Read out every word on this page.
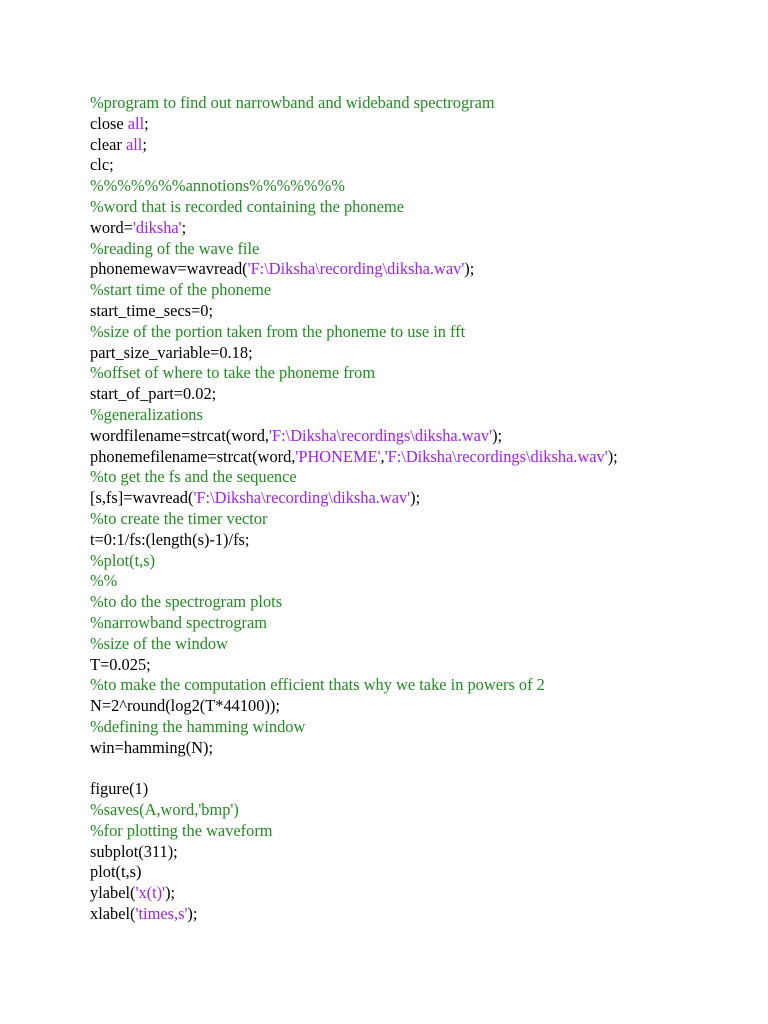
%program to find out narrowband and wideband spectrogram
close all;
clear all;
clc;
%%%%%%%annotions%%%%%%%
%word that is recorded containing the phoneme
word='diksha';
%reading of the wave file
phonemewav=wavread('F:\Diksha\recording\diksha.wav');
%start time of the phoneme
start_time_secs=0;
%size of the portion taken from the phoneme to use in fft
part_size_variable=0.18;
%offset of where to take the phoneme from
start_of_part=0.02;
%generalizations
wordfilename=strcat(word,'F:\Diksha\recordings\diksha.wav');
phonemefilename=strcat(word,'PHONEME','F:\Diksha\recordings\diksha.wav');
%to get the fs and the sequence
[s,fs]=wavread('F:\Diksha\recording\diksha.wav');
%to create the timer vector
t=0:1/fs:(length(s)-1)/fs;
%plot(t,s)
%%
%to do the spectrogram plots
%narrowband spectrogram
%size of the window
T=0.025;
%to make the computation efficient thats why we take in powers of 2
N=2^round(log2(T*44100));
%defining the hamming window
win=hamming(N);
figure(1)
%saves(A,word,'bmp')
%for plotting the waveform
subplot(311);
plot(t,s)
ylabel('x(t)');
xlabel('times,s');
